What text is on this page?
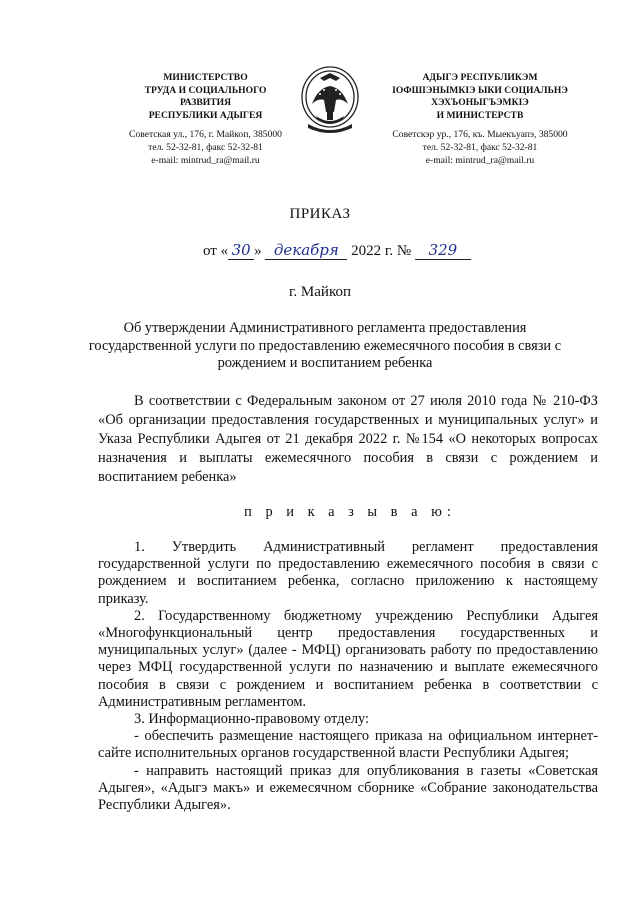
МИНИСТЕРСТВО
ТРУДА И СОЦИАЛЬНОГО
РАЗВИТИЯ
РЕСПУБЛИКИ АДЫГЕЯ
Советская ул., 176, г. Майкоп, 385000
тел. 52-32-81, факс 52-32-81
e-mail: mintrud_ra@mail.ru
АДЫГЭ РЕСПУБЛИКЭМ
IОФШIЭНЫМКIЭ ЫКИ СОЦИАЛЬНЭ
ХЭХЪОНЫГЪЭМКIЭ
И МИНИСТЕРСТВ
Советскэр ур., 176, къ. Мыекъуапэ, 385000
тел. 52-32-81, факс 52-32-81
e-mail: mintrud_ra@mail.ru
ПРИКАЗ
от « 30 » декабря 2022 г. № 329
г. Майкоп
Об утверждении Административного регламента предоставления государственной услуги по предоставлению ежемесячного пособия в связи с рождением и воспитанием ребенка

В соответствии с Федеральным законом от 27 июля 2010 года № 210-ФЗ «Об организации предоставления государственных и муниципальных услуг» и Указа Республики Адыгея от 21 декабря 2022 г. №154 «О некоторых вопросах назначения и выплаты ежемесячного пособия в связи с рождением и воспитанием ребенка»

п р и к а з ы в а ю:

1. Утвердить Административный регламент предоставления государственной услуги по предоставлению ежемесячного пособия в связи с рождением и воспитанием ребенка, согласно приложению к настоящему приказу.

2. Государственному бюджетному учреждению Республики Адыгея «Многофункциональный центр предоставления государственных и муниципальных услуг» (далее - МФЦ) организовать работу по предоставлению через МФЦ государственной услуги по назначению и выплате ежемесячного пособия в связи с рождением и воспитанием ребенка в соответствии с Административным регламентом.

3. Информационно-правовому отделу:

- обеспечить размещение настоящего приказа на официальном интернет-сайте исполнительных органов государственной власти Республики Адыгея;

- направить настоящий приказ для опубликования в газеты «Советская Адыгея», «Адыгэ макъ» и ежемесячном сборнике «Собрание законодательства Республики Адыгея».
